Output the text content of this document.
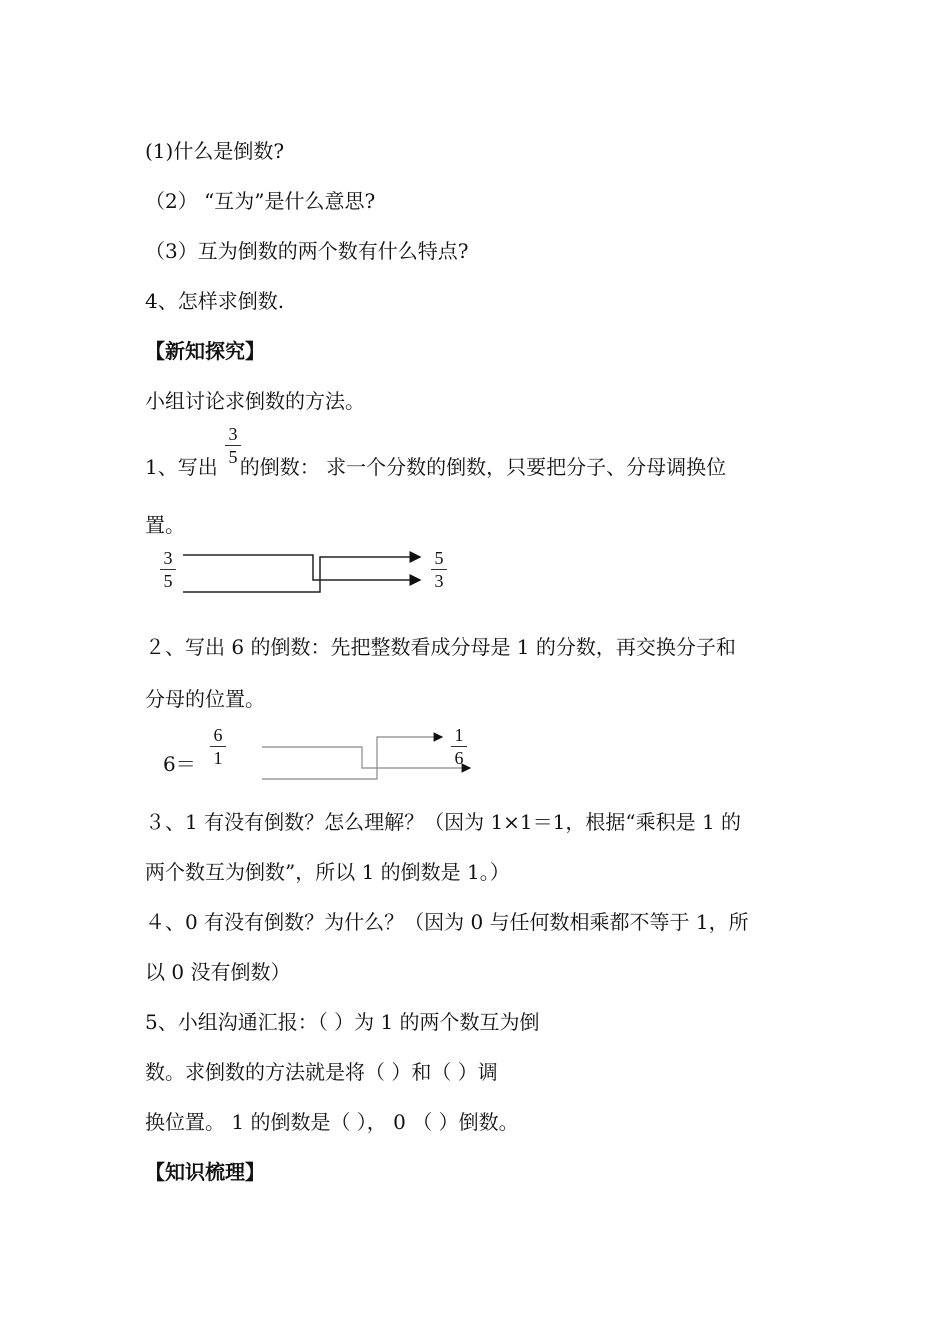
(1)什么是倒数?
（2） “互为”是什么意思?
（3）互为倒数的两个数有什么特点?
4、怎样求倒数.
【新知探究】
小组讨论求倒数的方法。
1、写出 的倒数： 求一个分数的倒数，只要把分子、分母调换位
3
5
置。
3
5
5
3
２、写出 6 的倒数：先把整数看成分母是 1 的分数，再交换分子和
分母的位置。
6＝
6
1
1
6
３、1 有没有倒数？怎么理解？（因为 1×1＝1，根据“乘积是 1 的
两个数互为倒数”，所以 1 的倒数是 1。）
４、0 有没有倒数？为什么？（因为 0 与任何数相乘都不等于 1，所
以 0 没有倒数）
5、小组沟通汇报：（ ）为 1 的两个数互为倒
数。求倒数的方法就是将（ ）和（ ）调
换位置。 1 的倒数是（ ）， 0 （ ）倒数。
【知识梳理】
